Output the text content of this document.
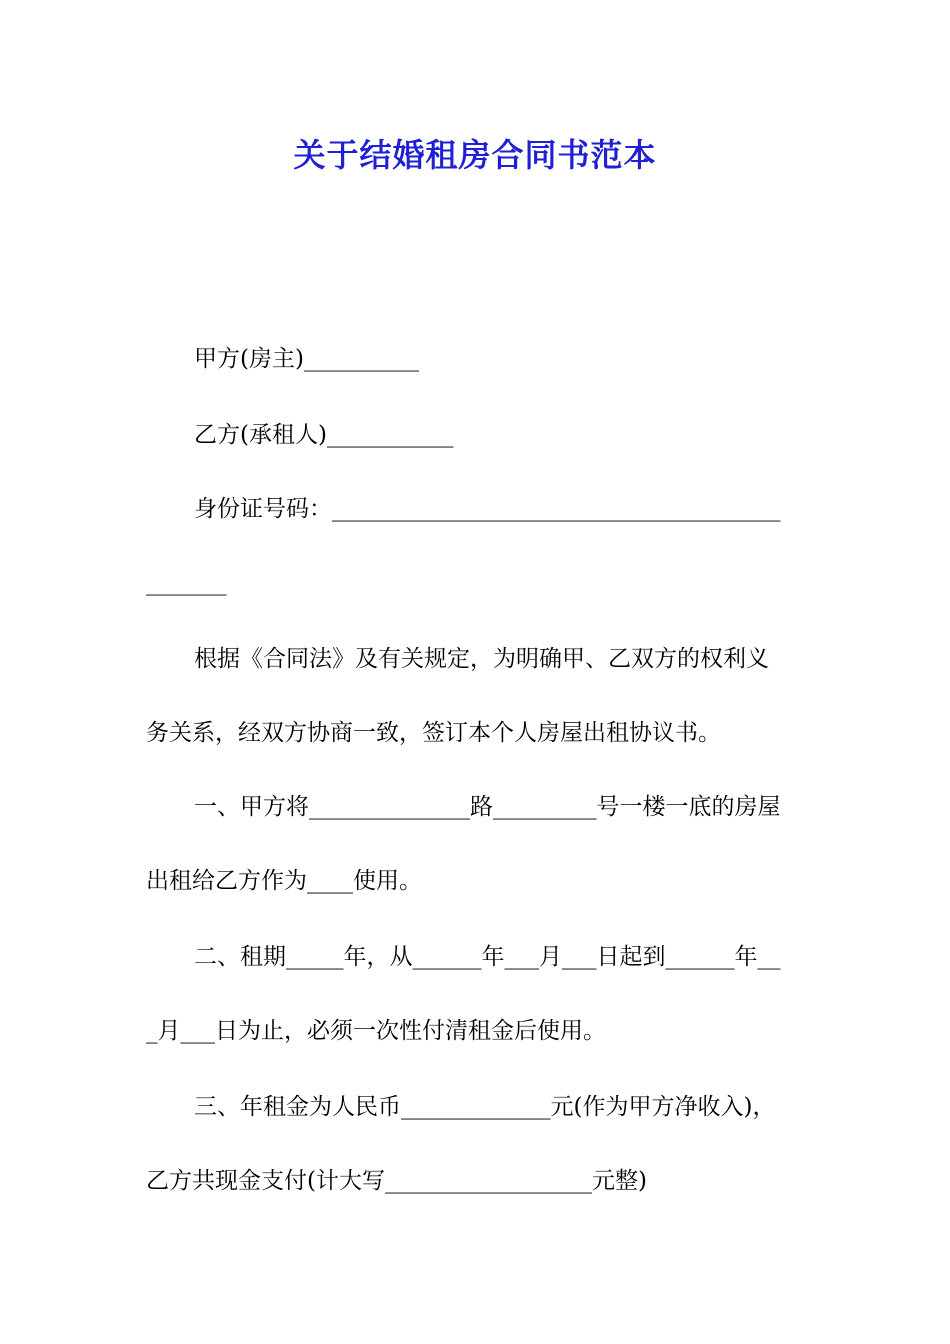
关于结婚租房合同书范本
甲方(房主)__________
乙方(承租人)___________
身份证号码：_______________________________________
_______
根据《合同法》及有关规定，为明确甲、乙双方的权利义
务关系，经双方协商一致，签订本个人房屋出租协议书。
一、甲方将______________路_________号一楼一底的房屋
出租给乙方作为____使用。
二、租期_____年，从______年___月___日起到______年__
_月___日为止，必须一次性付清租金后使用。
三、年租金为人民币_____________元(作为甲方净收入)，
乙方共现金支付(计大写__________________元整)
